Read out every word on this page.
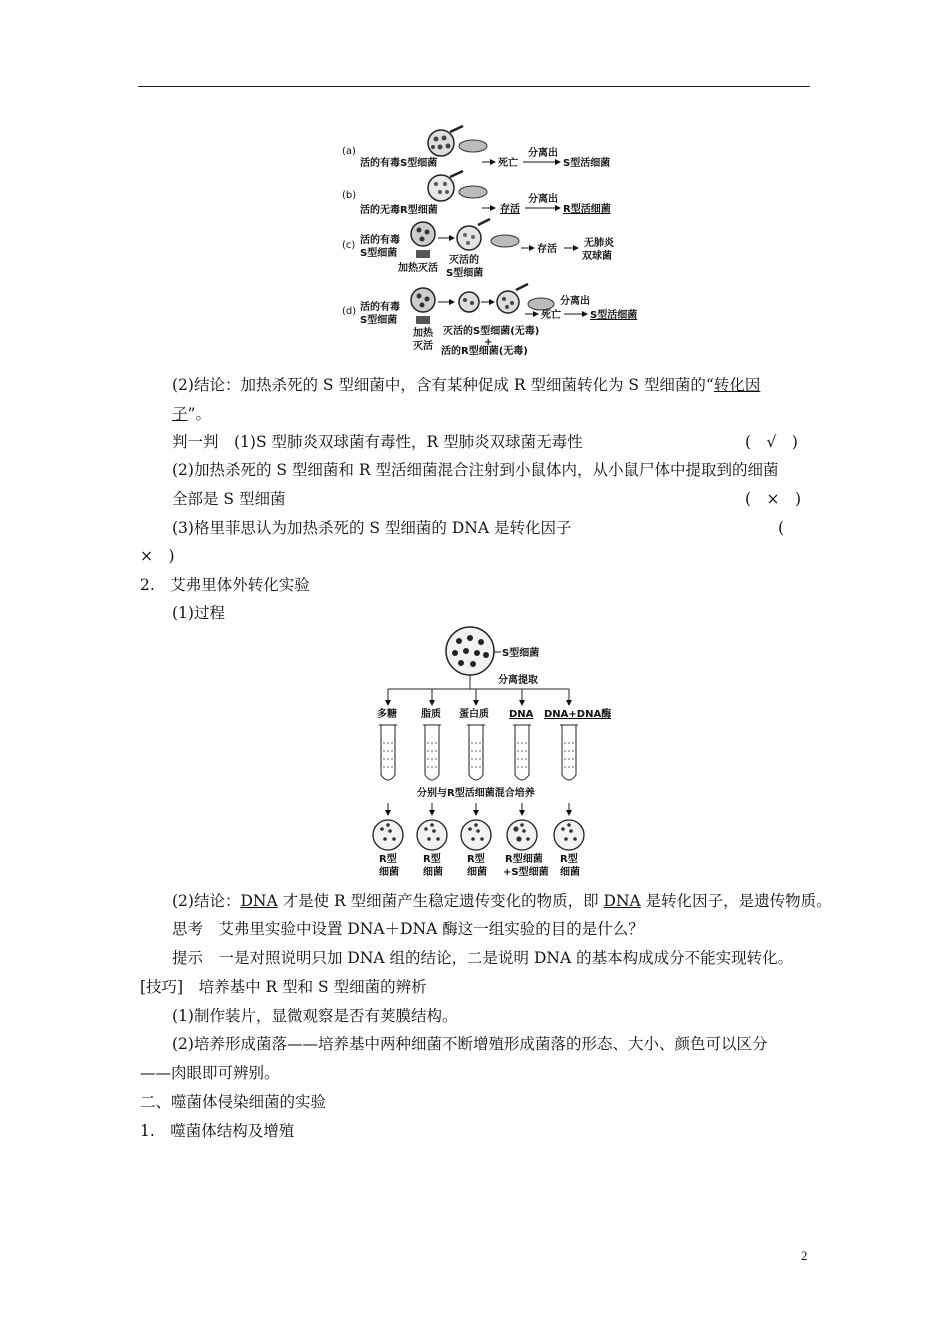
(a)
活的有毒S型细菌	死亡
分离出
S型活细菌
(b)
活的无毒R型细菌	存活
分离出
R型活细菌
(c) 活的有毒
S型细菌
加热灭活
灭活的
S型细菌
存活
无肺炎
双球菌
(d) 活的有毒
S型细菌
加热
灭活
灭活的S型细菌(无毒)
+
活的R型细菌(无毒)
死亡
分离出
S型活细菌
(2)结论：加热杀死的 S 型细菌中，含有某种促成 R 型细菌转化为 S 型细菌的“转化因
子”。
判一判　(1)S 型肺炎双球菌有毒性，R 型肺炎双球菌无毒性	(　√　)
(2)加热杀死的 S 型细菌和 R 型活细菌混合注射到小鼠体内，从小鼠尸体中提取到的细菌
全部是 S 型细菌	(　×　)
(3)格里菲思认为加热杀死的 S 型细菌的 DNA 是转化因子	(
×　)
2.　艾弗里体外转化实验
(1)过程
S型细菌
分离提取
多糖 脂质 蛋白质 DNA DNA+DNA酶
分别与R型活细菌混合培养
R型
细菌
R型
细菌
R型
细菌
R型细菌
+S型细菌
R型
细菌
(2)结论：DNA 才是使 R 型细菌产生稳定遗传变化的物质，即 DNA 是转化因子，是遗传物质。
思考　艾弗里实验中设置 DNA＋DNA 酶这一组实验的目的是什么？
提示　一是对照说明只加 DNA 组的结论，二是说明 DNA 的基本构成成分不能实现转化。
[技巧]　培养基中 R 型和 S 型细菌的辨析
(1)制作装片，显微观察是否有荚膜结构。
(2)培养形成菌落——培养基中两种细菌不断增殖形成菌落的形态、大小、颜色可以区分
——肉眼即可辨别。
二、噬菌体侵染细菌的实验
1.　噬菌体结构及增殖
2
